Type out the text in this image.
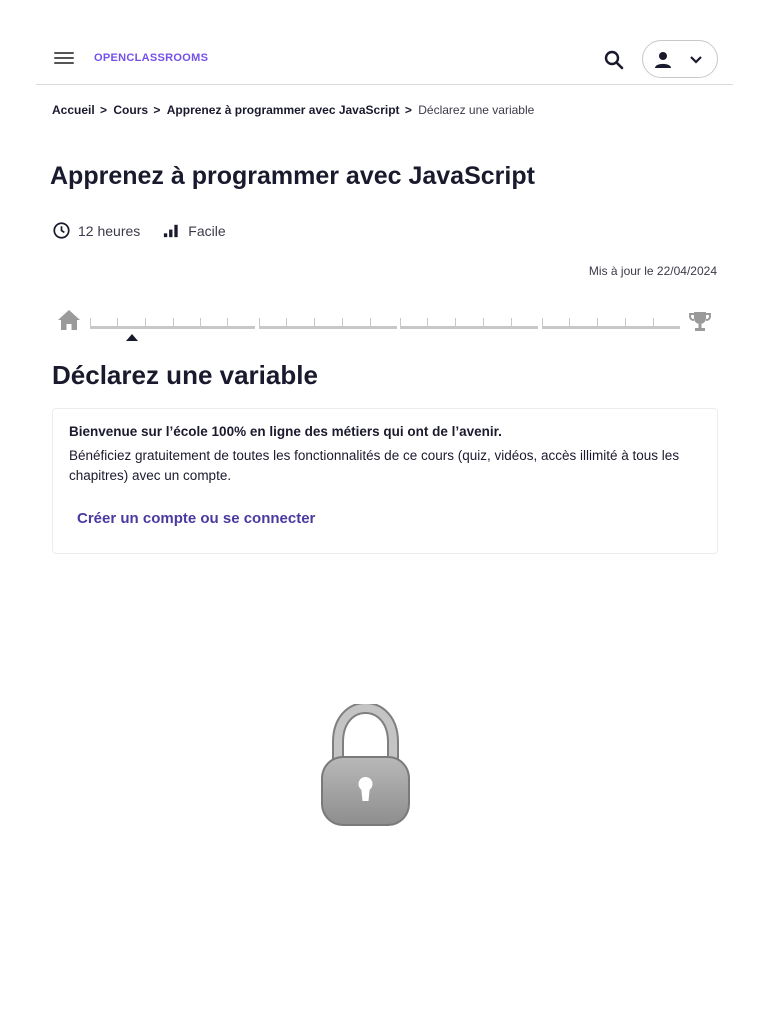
OPENCLASSROOMS
Accueil > Cours > Apprenez à programmer avec JavaScript > Déclarez une variable
Apprenez à programmer avec JavaScript
12 heures	Facile
Mis à jour le 22/04/2024
Déclarez une variable
Bienvenue sur l’école 100% en ligne des métiers qui ont de l’avenir.

Bénéficiez gratuitement de toutes les fonctionnalités de ce cours (quiz, vidéos, accès illimité à tous les chapitres) avec un compte.

Créer un compte ou se connecter
